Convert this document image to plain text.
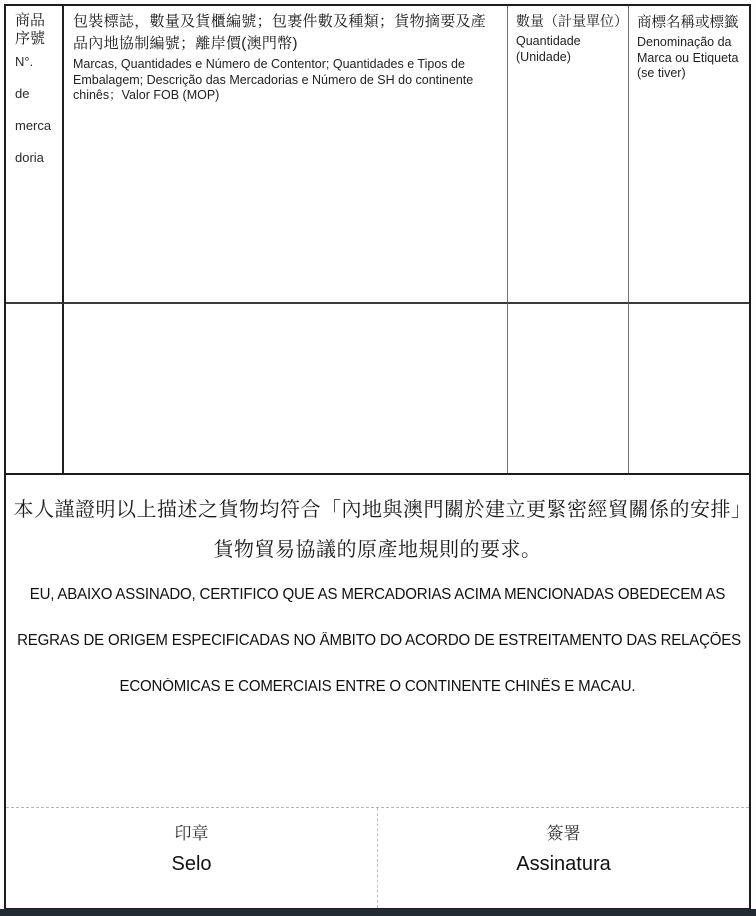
商品
序號
N°.
de
merca
doria
包裝標誌，數量及貨櫃編號；包裹件數及種類；貨物摘要及產品內地協制編號；離岸價(澳門幣)
Marcas, Quantidades e Número de Contentor; Quantidades e Tipos de Embalagem; Descrição das Mercadorias e Número de SH do continente chinês；Valor FOB (MOP)
數量（計量單位）
Quantidade (Unidade)
商標名稱或標籤
Denominação da Marca ou Etiqueta (se tiver)
本人謹證明以上描述之貨物均符合「內地與澳門關於建立更緊密經貿關係的安排」貨物貿易協議的原產地規則的要求。
EU, ABAIXO ASSINADO, CERTIFICO QUE AS MERCADORIAS ACIMA MENCIONADAS OBEDECEM AS
REGRAS DE ORIGEM ESPECIFICADAS NO ÂMBITO DO ACORDO DE ESTREITAMENTO DAS RELAÇÕES
ECONÓMICAS E COMERCIAIS ENTRE O CONTINENTE CHINÊS E MACAU.
印章
Selo
簽署
Assinatura
